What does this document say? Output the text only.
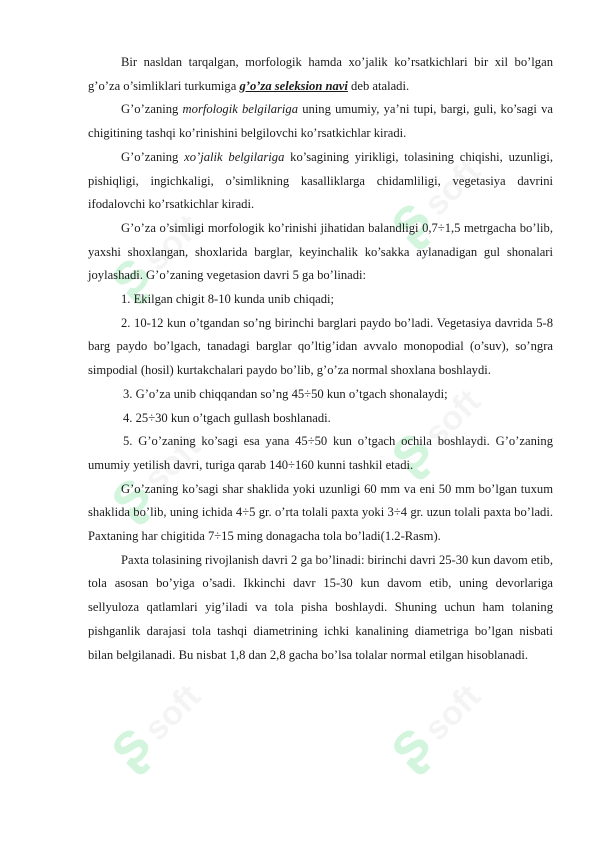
ʂsoft	ʂsoft
ʂsoft	ʂsoft
ʂsoft	ʂsoft

Bir nasldan tarqalgan, morfologik hamda xo’jalik ko’rsatkichlari bir xil bo’lgan g’o’za o’simliklari turkumiga g’o’za seleksion navi deb ataladi.

G’o’zaning morfologik belgilariga uning umumiy, ya’ni tupi, bargi, guli, ko’sagi va chigitining tashqi ko’rinishini belgilovchi ko’rsatkichlar kiradi.

G’o’zaning xo’jalik belgilariga ko’sagining yirikligi, tolasining chiqishi, uzunligi, pishiqligi, ingichkaligi, o’simlikning kasalliklarga chidamliligi, vegetasiya davrini ifodalovchi ko’rsatkichlar kiradi.

G’o’za o’simligi morfologik ko’rinishi jihatidan balandligi 0,7÷1,5 metrgacha bo’lib, yaxshi shoxlangan, shoxlarida barglar, keyinchalik ko’sakka aylanadigan gul shonalari joylashadi. G’o’zaning vegetasion davri 5 ga bo’linadi:

1. Ekilgan chigit 8-10 kunda unib chiqadi;

2. 10-12 kun o’tgandan so’ng birinchi barglari paydo bo’ladi. Vegetasiya davrida 5-8 barg paydo bo’lgach, tanadagi barglar qo’ltig’idan avvalo monopodial (o’suv), so’ngra simpodial (hosil) kurtakchalari paydo bo’lib, g’o’za normal shoxlana boshlaydi.

3. G’o’za unib chiqqandan so’ng 45÷50 kun o’tgach shonalaydi;

4. 25÷30 kun o’tgach gullash boshlanadi.

5. G’o’zaning ko’sagi esa yana 45÷50 kun o’tgach ochila boshlaydi. G’o’zaning umumiy yetilish davri, turiga qarab 140÷160 kunni tashkil etadi.

G’o’zaning ko’sagi shar shaklida yoki uzunligi 60 mm va eni 50 mm bo’lgan tuxum shaklida bo’lib, uning ichida 4÷5 gr. o’rta tolali paxta yoki 3÷4 gr. uzun tolali paxta bo’ladi. Paxtaning har chigitida 7÷15 ming donagacha tola bo’ladi(1.2-Rasm).

Paxta tolasining rivojlanish davri 2 ga bo’linadi: birinchi davri 25-30 kun davom etib, tola asosan bo’yiga o’sadi. Ikkinchi davr 15-30 kun davom etib, uning devorlariga sellyuloza qatlamlari yig’iladi va tola pisha boshlaydi. Shuning uchun ham tolaning pishganlik darajasi tola tashqi diametrining ichki kanalining diametriga bo’lgan nisbati bilan belgilanadi. Bu nisbat 1,8 dan 2,8 gacha bo’lsa tolalar normal etilgan hisoblanadi.
